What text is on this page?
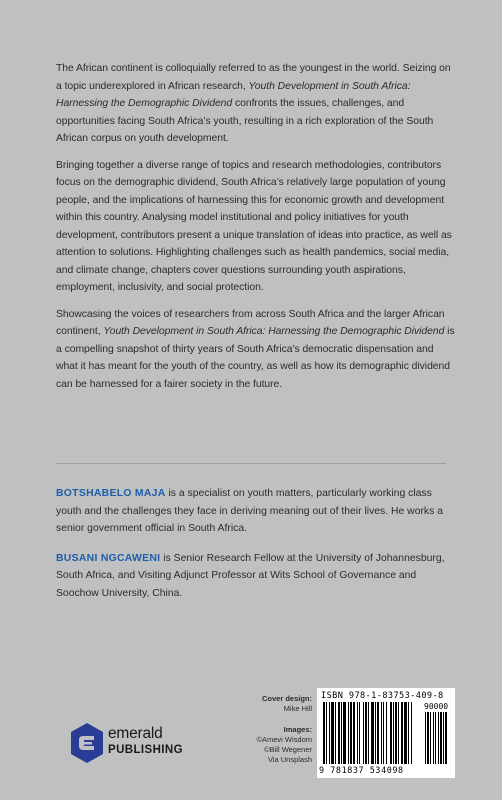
The African continent is colloquially referred to as the youngest in the world. Seizing on a topic underexplored in African research, Youth Development in South Africa: Harnessing the Demographic Dividend confronts the issues, challenges, and opportunities facing South Africa’s youth, resulting in a rich exploration of the South African corpus on youth development.

Bringing together a diverse range of topics and research methodologies, contributors focus on the demographic dividend, South Africa’s relatively large population of young people, and the implications of harnessing this for economic growth and development within this country. Analysing model institutional and policy initiatives for youth development, contributors present a unique translation of ideas into practice, as well as attention to solutions. Highlighting challenges such as health pandemics, social media, and climate change, chapters cover questions surrounding youth aspirations, employment, inclusivity, and social protection.

Showcasing the voices of researchers from across South Africa and the larger African continent, Youth Development in South Africa: Harnessing the Demographic Dividend is a compelling snapshot of thirty years of South Africa’s democratic dispensation and what it has meant for the youth of the country, as well as how its demographic dividend can be harnessed for a fairer society in the future.

BOTSHABELO MAJA is a specialist on youth matters, particularly working class youth and the challenges they face in deriving meaning out of their lives. He works a senior government official in South Africa.

BUSANI NGCAWENI is Senior Research Fellow at the University of Johannesburg, South Africa, and Visiting Adjunct Professor at Wits School of Governance and Soochow University, China.

emerald
PUBLISHING
Cover design:
Mike Hill
Images:
©Amevi Wisdom
©Bill Wegener
Via Unsplash
ISBN 978-1-83753-409-8
90000
9 781837 534098
